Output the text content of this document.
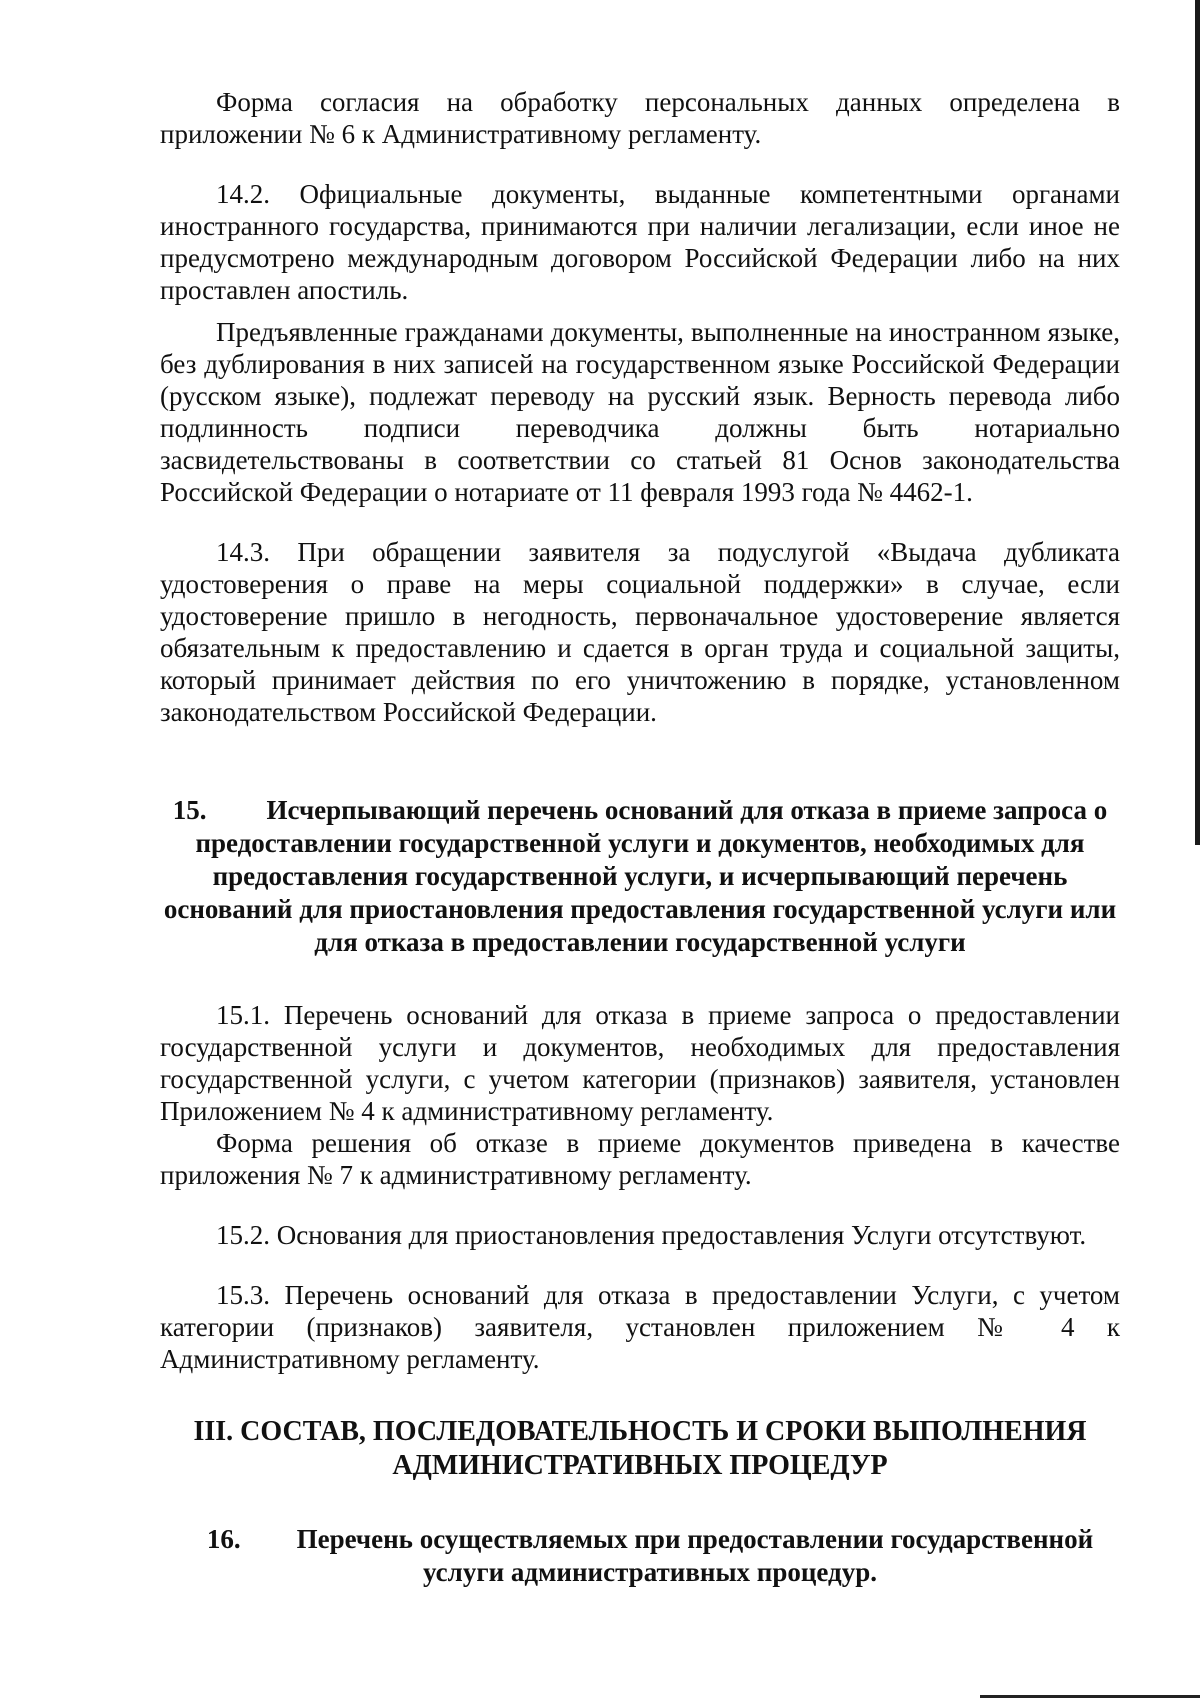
Форма согласия на обработку персональных данных определена в приложении № 6 к Административному регламенту.

14.2. Официальные документы, выданные компетентными органами иностранного государства, принимаются при наличии легализации, если иное не предусмотрено международным договором Российской Федерации либо на них проставлен апостиль.

Предъявленные гражданами документы, выполненные на иностранном языке, без дублирования в них записей на государственном языке Российской Федерации (русском языке), подлежат переводу на русский язык. Верность перевода либо подлинность подписи переводчика должны быть нотариально засвидетельствованы в соответствии со статьей 81 Основ законодательства Российской Федерации о нотариате от 11 февраля 1993 года № 4462-1.

14.3. При обращении заявителя за подуслугой «Выдача дубликата удостоверения о праве на меры социальной поддержки» в случае, если удостоверение пришло в негодность, первоначальное удостоверение является обязательным к предоставлению и сдается в орган труда и социальной защиты, который принимает действия по его уничтожению в порядке, установленном законодательством Российской Федерации.

15. Исчерпывающий перечень оснований для отказа в приеме запроса о предоставлении государственной услуги и документов, необходимых для предоставления государственной услуги, и исчерпывающий перечень оснований для приостановления предоставления государственной услуги или для отказа в предоставлении государственной услуги

15.1. Перечень оснований для отказа в приеме запроса о предоставлении государственной услуги и документов, необходимых для предоставления государственной услуги, с учетом категории (признаков) заявителя, установлен Приложением № 4 к административному регламенту.

Форма решения об отказе в приеме документов приведена в качестве приложения № 7 к административному регламенту.

15.2. Основания для приостановления предоставления Услуги отсутствуют.

15.3. Перечень оснований для отказа в предоставлении Услуги, с учетом категории (признаков) заявителя, установлен приложением № 4 к Административному регламенту.

III. СОСТАВ, ПОСЛЕДОВАТЕЛЬНОСТЬ И СРОКИ ВЫПОЛНЕНИЯ АДМИНИСТРАТИВНЫХ ПРОЦЕДУР
16. Перечень осуществляемых при предоставлении государственной услуги административных процедур.
